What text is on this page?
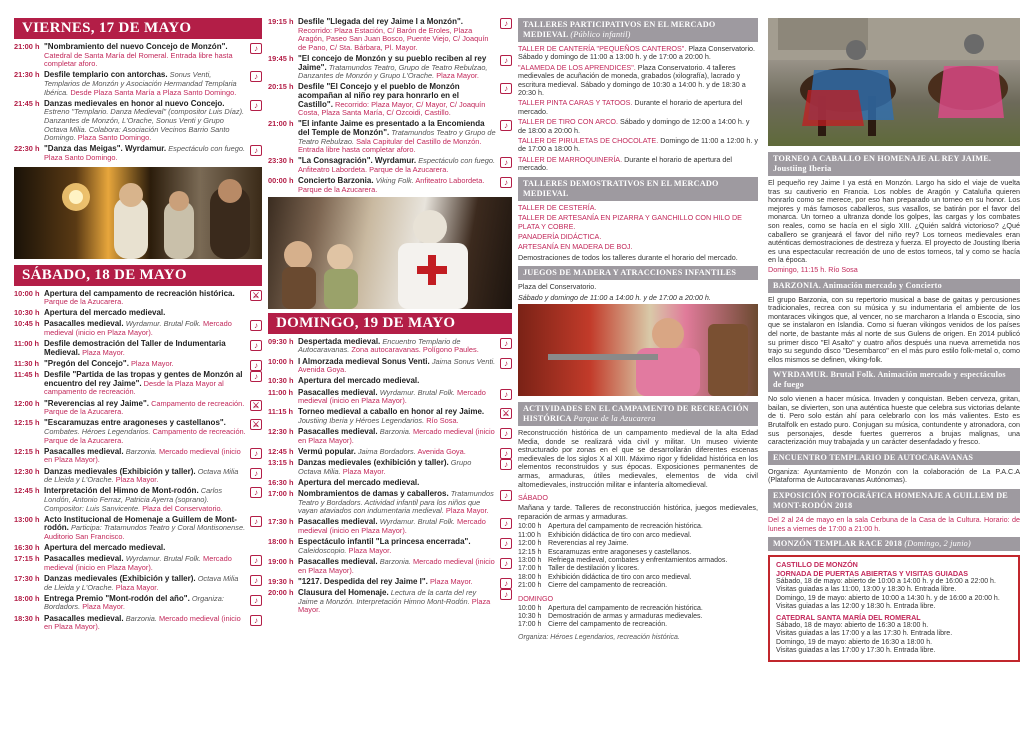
VIERNES, 17 DE MAYO
21:00 h "Nombramiento del nuevo Concejo de Monzón". Catedral de Santa María del Romeral. Entrada libre hasta completar aforo.
♪
21:30 h Desfile templario con antorchas. Sonus Venti, Templarios de Monzón y Asociación Hermandad Templaria Ibérica. Desde Plaza Santa María a Plaza Santo Domingo.
♪
21:45 h Danzas medievales en honor al nuevo Concejo. Estreno "Templario. Danza Medieval" (compositor Luis Díaz). Danzantes de Monzón, L'Orache, Sonus Venti y Grupo Octava Milia. Colabora: Asociación Vecinos Barrio Santo Domingo. Plaza Santo Domingo.
♪
22:30 h "Danza das Meigas". Wyrdamur. Espectáculo con fuego. Plaza Santo Domingo.
♪
SÁBADO, 18 DE MAYO
10:00 h Apertura del campamento de recreación histórica. Parque de la Azucarera.
⚔
10:30 h Apertura del mercado medieval.
10:45 h Pasacalles medieval. Wyrdamur. Brutal Folk. Mercado medieval (inicio en Plaza Mayor).
♪
11:00 h Desfile demostración del Taller de Indumentaria Medieval. Plaza Mayor.
♪
11:30 h "Pregón del Concejo". Plaza Mayor.	♪
11:45 h Desfile "Partida de las tropas y gentes de Monzón al encuentro del rey Jaime". Desde la Plaza Mayor al campamento de recreación.
♪
12:00 h "Reverencias al rey Jaime". Campamento de recreación. Parque de la Azucarera.
⚔
12:15 h "Escaramuzas entre aragoneses y castellanos". Combates. Héroes Legendarios. Campamento de recreación. Parque de la Azucarera.
⚔
12:15 h Pasacalles medieval. Barzonia. Mercado medieval (inicio en Plaza Mayor).
♪
12:30 h Danzas medievales (Exhibición y taller). Octava Milia de Lleida y L'Orache. Plaza Mayor.
♪
12:45 h Interpretación del Himno de Mont-rodón. Carlos Londón, Antonio Ferraz, Patricia Ayerra (soprano). Compositor: Luis Sanvicente. Plaza del Conservatorio.
♪
13:00 h Acto Institucional de Homenaje a Guillem de Mont-rodón. Participa: Tratamundos Teatro y Coral Montisonense. Auditorio San Francisco.
♪
16:30 h Apertura del mercado medieval.
17:15 h Pasacalles medieval. Wyrdamur. Brutal Folk. Mercado medieval (inicio en Plaza Mayor).
♪
17:30 h Danzas medievales (Exhibición y taller). Octava Milia de Lleida y L'Orache. Plaza Mayor.
♪
18:00 h Entrega Premio "Mont-rodón del año". Organiza: Bordadors. Plaza Mayor.
♪
18:30 h Pasacalles medieval. Barzonia. Mercado medieval (inicio en Plaza Mayor).
♪
19:15 h Desfile "Llegada del rey Jaime I a Monzón". Recorrido: Plaza Estación, C/ Barón de Eroles, Plaza Aragón, Paseo San Juan Bosco, Puente Viejo, C/ Joaquín de Pano, C/ Sta. Bárbara, Pl. Mayor.
♪
19:45 h "El concejo de Monzón y su pueblo reciben al rey Jaime". Tratamundos Teatro, Grupo de Teatro Rebulzao, Danzantes de Monzón y Grupo L'Orache. Plaza Mayor.
♪
20:15 h Desfile "El Concejo y el pueblo de Monzón acompañan al niño rey para honrarlo en el Castillo". Recorrido: Plaza Mayor, C/ Mayor, C/ Joaquín Costa, Plaza Santa María, C/ Ozcoidi, Castillo.
♪
21:00 h "El infante Jaime es presentado a la Encomienda del Temple de Monzón". Tratamundos Teatro y Grupo de Teatro Rebulzao. Sala Capitular del Castillo de Monzón. Entrada libre hasta completar aforo.
♪
23:30 h "La Consagración". Wyrdamur. Espectáculo con fuego. Anfiteatro Labordeta. Parque de la Azucarera.
♪
00:00 h Concierto Barzonia. Viking Folk. Anfiteatro Labordeta. Parque de la Azucarera.
♪
DOMINGO, 19 DE MAYO
09:30 h Despertada medieval. Encuentro Templario de Autocaravanas. Zona autocaravanas. Polígono Paules.
♪
10:00 h I Almorzada medieval Sonus Venti. Jaima Sonus Venti. Avenida Goya.
♪
10:30 h Apertura del mercado medieval.
11:00 h Pasacalles medieval. Wyrdamur. Brutal Folk. Mercado medieval (inicio en Plaza Mayor).
♪
11:15 h Torneo medieval a caballo en honor al rey Jaime. Joustiing Iberia y Héroes Legendarios. Río Sosa.
⚔
12:30 h Pasacalles medieval. Barzonia. Mercado medieval (inicio en Plaza Mayor).
♪
12:45 h Vermú popular. Jaima Bordadors. Avenida Goya.	♪
13:15 h Danzas medievales (exhibición y taller). Grupo Octava Milia. Plaza Mayor.
♪
16:30 h Apertura del mercado medieval.
17:00 h Nombramientos de damas y caballeros. Tratamundos Teatro y Bordadors. Actividad infantil para los niños que vayan ataviados con indumentaria medieval. Plaza Mayor.
♪
17:30 h Pasacalles medieval. Wyrdamur. Brutal Folk. Mercado medieval (inicio en Plaza Mayor).
♪
18:00 h Espectáculo infantil "La princesa encerrada". Caleidoscopio. Plaza Mayor.
♪
19:00 h Pasacalles medieval. Barzonia. Mercado medieval (inicio en Plaza Mayor).
♪
19:30 h "1217. Despedida del rey Jaime I". Plaza Mayor.	♪
20:00 h Clausura del Homenaje. Lectura de la carta del rey Jaime a Monzón. Interpretación Himno Mont-Rodón. Plaza Mayor.
♪
TALLERES PARTICIPATIVOS EN EL MERCADO MEDIEVAL (Público infantil)
TALLER DE CANTERÍA "PEQUEÑOS CANTEROS". Plaza Conservatorio. Sábado y domingo de 11:00 a 13:00 h. y de 17:00 a 20:00 h.
"ALAMEDA DE LOS APRENDICES". Plaza Conservatorio. 4 talleres medievales de acuñación de moneda, grabados (xilografía), lacrado y escritura medieval. Sábado y domingo de 10:30 a 14:00 h. y de 18:30 a 20:30 h.
TALLER PINTA CARAS Y TATOOS. Durante el horario de apertura del mercado.
TALLER DE TIRO CON ARCO. Sábado y domingo de 12:00 a 14:00 h. y de 18:00 a 20:00 h.
TALLER DE PIRULETAS DE CHOCOLATE. Domingo de 11:00 a 12:00 h. y de 17:00 a 18:00 h.
TALLER DE MARROQUINERÍA. Durante el horario de apertura del mercado.
TALLERES DEMOSTRATIVOS EN EL MERCADO MEDIEVAL
TALLER DE CESTERÍA.
TALLER DE ARTESANÍA EN PIZARRA Y GANCHILLO CON HILO DE PLATA Y COBRE.
PANADERÍA DIDÁCTICA.
ARTESANÍA EN MADERA DE BOJ.
Demostraciones de todos los talleres durante el horario del mercado.
JUEGOS DE MADERA Y ATRACCIONES INFANTILES
Plaza del Conservatorio.
Sábado y domingo de 11:00 a 14:00 h. y de 17:00 a 20:00 h.
ACTIVIDADES EN EL CAMPAMENTO DE RECREACIÓN HISTÓRICA Parque de la Azucarera
Reconstrucción histórica de un campamento medieval de la alta Edad Media, donde se realizará vida civil y militar. Un museo viviente estructurado por zonas en el que se desarrollarán diferentes escenas medievales de los siglos X al XIII. Máximo rigor y fidelidad histórica en los elementos reconstruidos y sus épocas. Exposiciones permanentes de armas, armaduras, útiles medievales, elementos de vida civil altomedievales, instrucción militar e infantería altomedieval.
SÁBADO
Mañana y tarde. Talleres de reconstrucción histórica, juegos medievales, reparación de armas y armaduras.
10:00 h Apertura del campamento de recreación histórica.
11:00 h	Exhibición didáctica de tiro con arco medieval.
12:00 h Reverencias al rey Jaime.
12:15 h Escaramuzas entre aragoneses y castellanos.
13:00 h Refriega medieval, combates y enfrentamientos armados.
17:00 h Taller de destilación y licores.
18:00 h Exhibición didáctica de tiro con arco medieval.
21:00 h Cierre del campamento de recreación.
DOMINGO
10:00 h Apertura del campamento de recreación histórica.
10:30 h Demostración de armas y armaduras medievales.
17:00 h Cierre del campamento de recreación.
Organiza: Héroes Legendarios, recreación histórica.
TORNEO A CABALLO EN HOMENAJE AL REY JAIME.
Joustiing Iberia
El pequeño rey Jaime I ya está en Monzón. Largo ha sido el viaje de vuelta tras su cautiverio en Francia. Los nobles de Aragón y Cataluña quieren honrarlo como se merece, por eso han preparado un torneo en su honor. Los mejores y más famosos caballeros, sus vasallos, se batirán por el favor del monarca. Un torneo a ultranza donde los golpes, las cargas y los combates son reales, como se hacía en el siglo XIII. ¿Quién saldrá victorioso? ¿Qué caballero se granjeará el favor del niño rey? Los torneos medievales eran auténticas demostraciones de destreza y fuerza. El proyecto de Jousting Iberia es una espectacular recreación de uno de estos torneos, tal y como se hacía en la época.
Domingo, 11:15 h. Río Sosa
BARZONIA. Animación mercado y Concierto
El grupo Barzonia, con su repertorio musical a base de gaitas y percusiones tradicionales, recrea con su música y su indumentaria el ambiente de los montaraces vikingos que, al vencer, no se marcharon a Irlanda o Escocia, sino que se instalaron en Islandia. Como si fueran vikingos venidos de los países del norte, de bastante más al norte de sus Gulens de origen. En 2014 publicó su primer disco "El Asalto" y cuatro años después una nueva arremetida nos trajo su segundo disco "Desembarco" en el más puro estilo folk-metal o, como ellos mismos se definen, viking-folk.
WYRDAMUR. Brutal Folk. Animación mercado y espectáculos de fuego
No solo vienen a hacer música. Invaden y conquistan. Beben cerveza, gritan, bailan, se divierten, son una auténtica hueste que celebra sus victorias delante de ti. Pero solo están ahí para celebrarlo con los más valientes. Esto es Brutalfolk en estado puro. Conjugan su música, contundente y atronadora, con sus personajes, desde fuertes guerreros a brujas malignas, una caracterización muy trabajada y un carácter desenfadado y fresco.
ENCUENTRO TEMPLARIO DE AUTOCARAVANAS
Organiza: Ayuntamiento de Monzón con la colaboración de La P.A.C.A (Plataforma de Autocaravanas Autónomas).
EXPOSICIÓN FOTOGRÁFICA HOMENAJE A GUILLEM DE MONT-RODÓN 2018
Del 2 al 24 de mayo en la sala Cerbuna de la Casa de la Cultura. Horario: de lunes a viernes de 17:00 a 21:00 h.
MONZÓN TEMPLAR RACE 2018 (Domingo, 2 junio)
CASTILLO DE MONZÓN
JORNADA DE PUERTAS ABIERTAS Y VISITAS GUIADAS
Sábado, 18 de mayo: abierto de 10:00 a 14:00 h. y de 16:00 a 22:00 h.
Visitas guiadas a las 11:00, 13:00 y 18:30 h. Entrada libre.
Domingo, 19 de mayo: abierto de 10:00 a 14:30 h. y de 16:00 a 20:00 h.
Visitas guiadas a las 12:00 y 18:30 h. Entrada libre.
CATEDRAL SANTA MARÍA DEL ROMERAL
Sábado, 18 de mayo: abierto de 16:30 a 18:00 h.
Visitas guiadas a las 17:00 y a las 17:30 h. Entrada libre.
Domingo, 19 de mayo: abierto de 16:30 a 18:00 h.
Visitas guiadas a las 17:00 y 17:30 h. Entrada libre.
